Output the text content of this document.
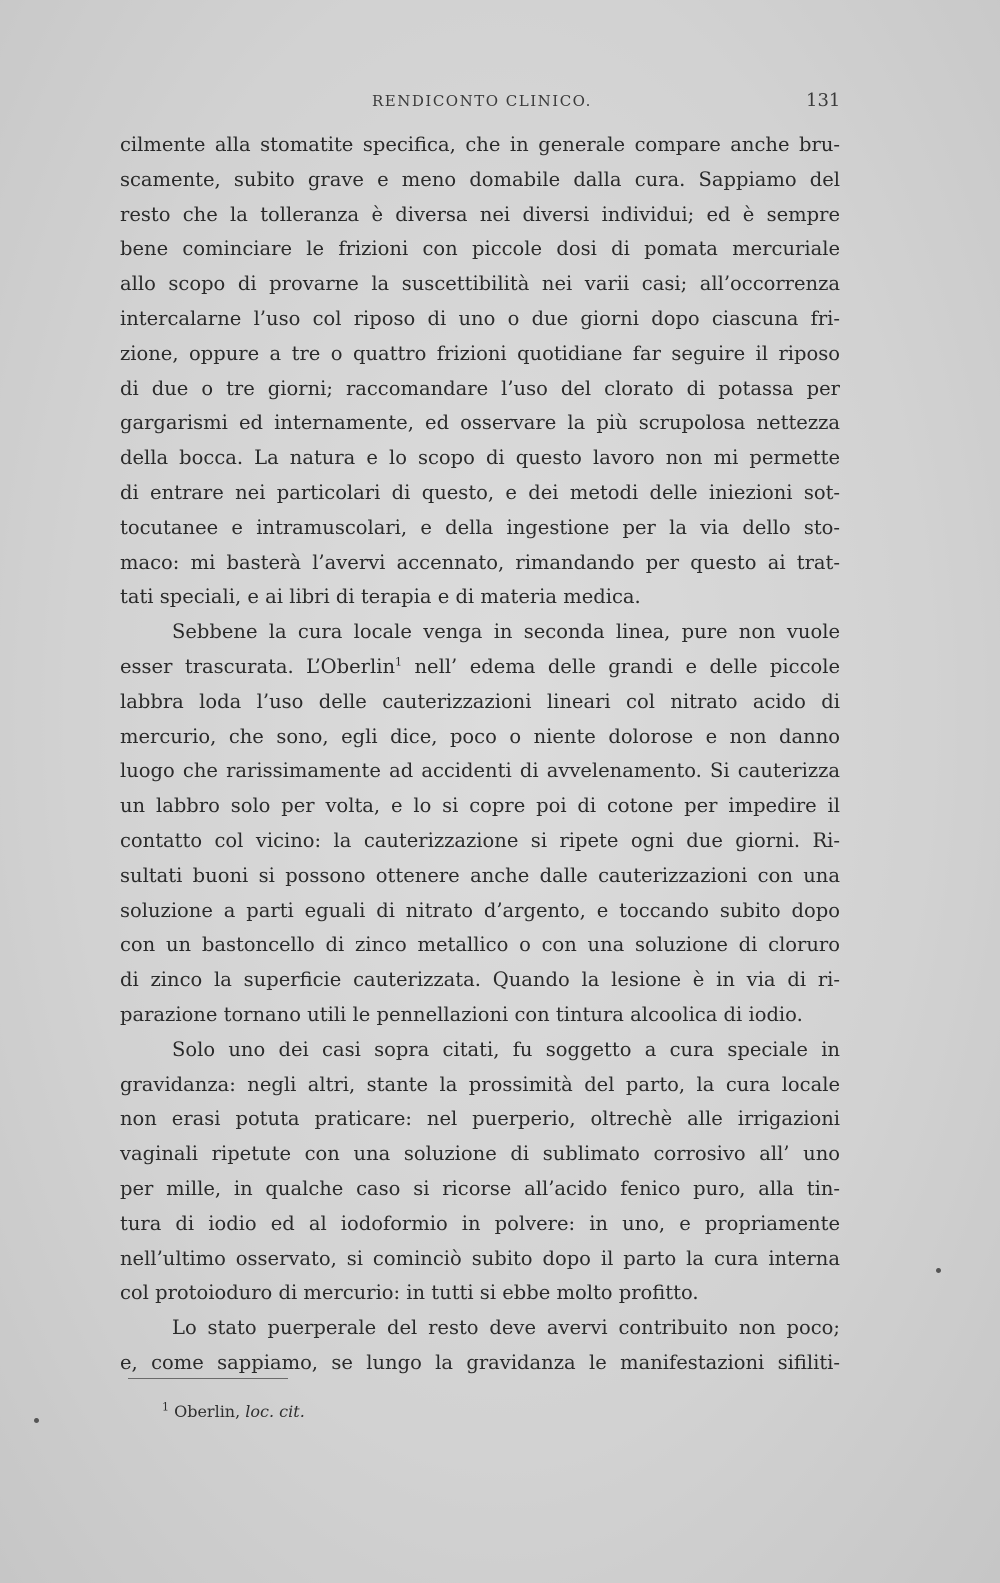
RENDICONTO CLINICO.	131
cilmente alla stomatite specifica, che in generale compare anche bru-
scamente, subito grave e meno domabile dalla cura. Sappiamo del
resto che la tolleranza è diversa nei diversi individui; ed è sempre
bene cominciare le frizioni con piccole dosi di pomata mercuriale
allo scopo di provarne la suscettibilità nei varii casi; all’occorrenza
intercalarne l’uso col riposo di uno o due giorni dopo ciascuna fri-
zione, oppure a tre o quattro frizioni quotidiane far seguire il riposo
di due o tre giorni; raccomandare l’uso del clorato di potassa per
gargarismi ed internamente, ed osservare la più scrupolosa nettezza
della bocca. La natura e lo scopo di questo lavoro non mi permette
di entrare nei particolari di questo, e dei metodi delle iniezioni sot-
tocutanee e intramuscolari, e della ingestione per la via dello sto-
maco: mi basterà l’avervi accennato, rimandando per questo ai trat-
tati speciali, e ai libri di terapia e di materia medica.
Sebbene la cura locale venga in seconda linea, pure non vuole
esser trascurata. L’Oberlin$^1$ nell’ edema delle grandi e delle piccole
labbra loda l’uso delle cauterizzazioni lineari col nitrato acido di
mercurio, che sono, egli dice, poco o niente dolorose e non danno
luogo che rarissimamente ad accidenti di avvelenamento. Si cauterizza
un labbro solo per volta, e lo si copre poi di cotone per impedire il
contatto col vicino: la cauterizzazione si ripete ogni due giorni. Ri-
sultati buoni si possono ottenere anche dalle cauterizzazioni con una
soluzione a parti eguali di nitrato d’argento, e toccando subito dopo
con un bastoncello di zinco metallico o con una soluzione di cloruro
di zinco la superficie cauterizzata. Quando la lesione è in via di ri-
parazione tornano utili le pennellazioni con tintura alcoolica di iodio.
Solo uno dei casi sopra citati, fu soggetto a cura speciale in
gravidanza: negli altri, stante la prossimità del parto, la cura locale
non erasi potuta praticare: nel puerperio, oltrechè alle irrigazioni
vaginali ripetute con una soluzione di sublimato corrosivo all’ uno
per mille, in qualche caso si ricorse all’acido fenico puro, alla tin-
tura di iodio ed al iodoformio in polvere: in uno, e propriamente
nell’ultimo osservato, si cominciò subito dopo il parto la cura interna
col protoioduro di mercurio: in tutti si ebbe molto profitto.
Lo stato puerperale del resto deve avervi contribuito non poco;
e, come sappiamo, se lungo la gravidanza le manifestazioni sifiliti-
$^1$ Oberlin, loc. cit.
